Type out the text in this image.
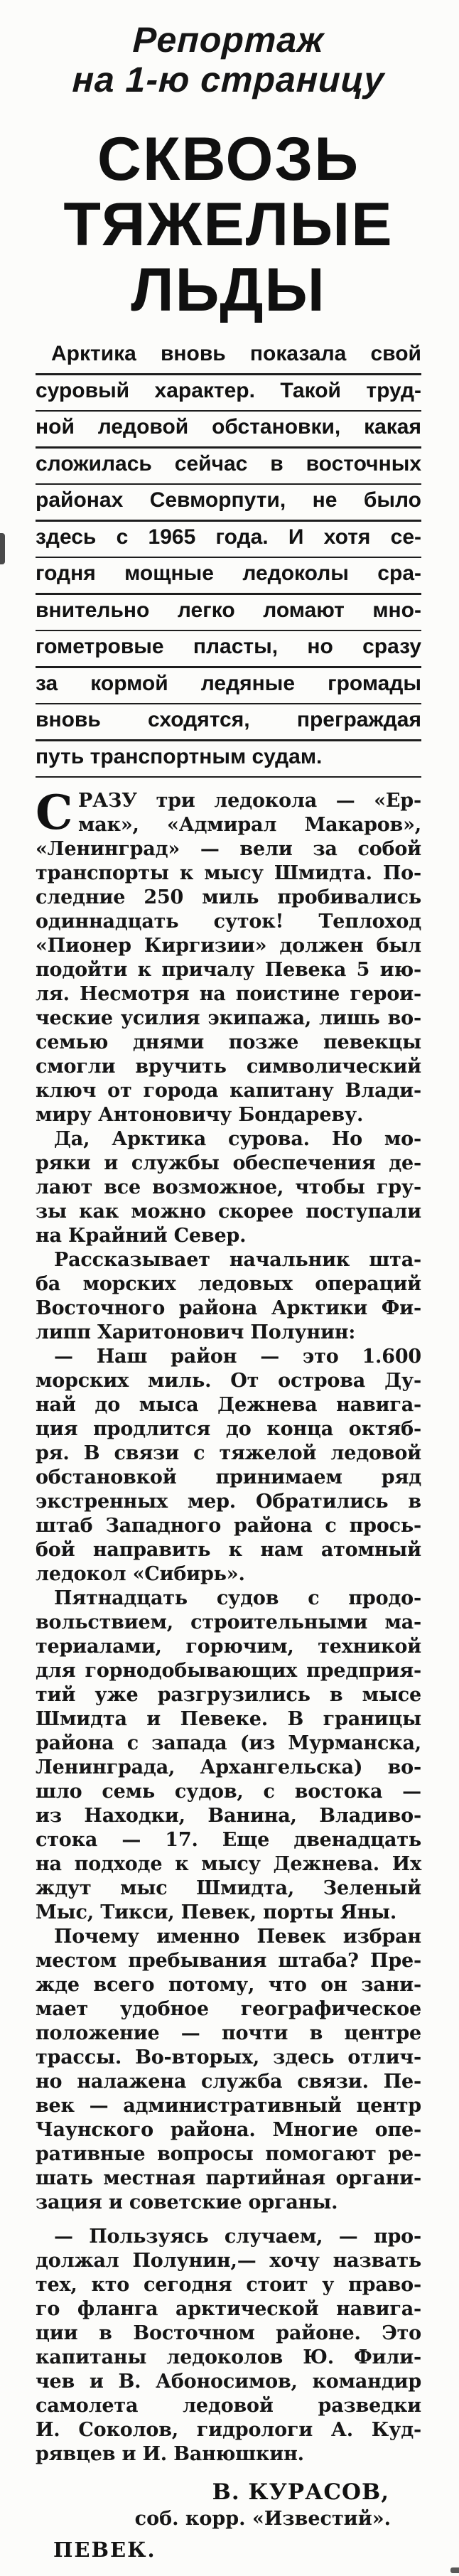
Репортаж
на 1-ю страницу
СКВОЗЬ
ТЯЖЕЛЫЕ
ЛЬДЫ
Арктика вновь показала свой
суровый характер. Такой труд-
ной ледовой обстановки, какая
сложилась сейчас в восточных
районах Севморпути, не было
здесь с 1965 года. И хотя се-
годня мощные ледоколы сра-
внительно легко ломают мно-
гометровые пласты, но сразу
за кормой ледяные громады
вновь сходятся, преграждая
путь транспортным судам.
С РАЗУ три ледокола — «Ер-
мак», «Адмирал Макаров»,
«Ленинград» — вели за собой
транспорты к мысу Шмидта. По-
следние 250 миль пробивались
одиннадцать суток! Теплоход
«Пионер Киргизии» должен был
подойти к причалу Певека 5 ию-
ля. Несмотря на поистине герои-
ческие усилия экипажа, лишь во-
семью днями позже певекцы
смогли вручить символический
ключ от города капитану Влади-
миру Антоновичу Бондареву.
Да, Арктика сурова. Но мо-
ряки и службы обеспечения де-
лают все возможное, чтобы гру-
зы как можно скорее поступали
на Крайний Север.
Рассказывает начальник шта-
ба морских ледовых операций
Восточного района Арктики Фи-
липп Харитонович Полунин:
— Наш район — это 1.600
морских миль. От острова Ду-
най до мыса Дежнева навига-
ция продлится до конца октяб-
ря. В связи с тяжелой ледовой
обстановкой принимаем ряд
экстренных мер. Обратились в
штаб Западного района с прось-
бой направить к нам атомный
ледокол «Сибирь».
Пятнадцать судов с продо-
вольствием, строительными ма-
териалами, горючим, техникой
для горнодобывающих предприя-
тий уже разгрузились в мысе
Шмидта и Певеке. В границы
района с запада (из Мурманска,
Ленинграда, Архангельска) во-
шло семь судов, с востока —
из Находки, Ванина, Владиво-
стока — 17. Еще двенадцать
на подходе к мысу Дежнева. Их
ждут мыс Шмидта, Зеленый
Мыс, Тикси, Певек, порты Яны.
Почему именно Певек избран
местом пребывания штаба? Пре-
жде всего потому, что он зани-
мает удобное географическое
положение — почти в центре
трассы. Во-вторых, здесь отлич-
но налажена служба связи. Пе-
век — административный центр
Чаунского района. Многие опе-
ративные вопросы помогают ре-
шать местная партийная органи-
зация и советские органы.
— Пользуясь случаем, — про-
должал Полунин,— хочу назвать
тех, кто сегодня стоит у право-
го фланга арктической навига-
ции в Восточном районе. Это
капитаны ледоколов Ю. Фили-
чев и В. Абоносимов, командир
самолета ледовой разведки
И. Соколов, гидрологи А. Куд-
рявцев и И. Ванюшкин.
В. КУРАСОВ,
соб. корр. «Известий».
ПЕВЕК.
